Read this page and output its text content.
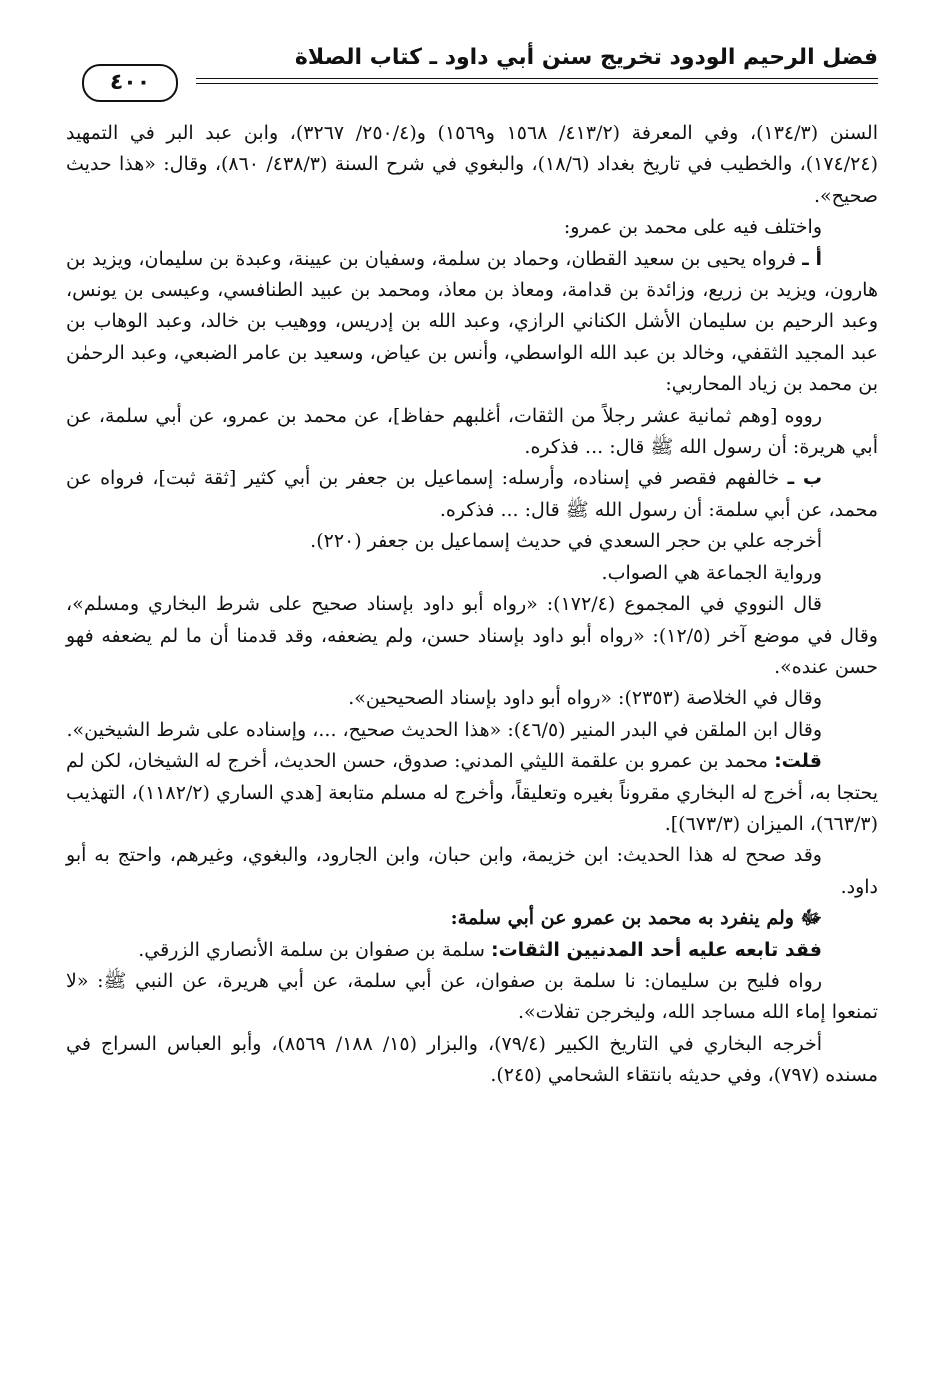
فضل الرحيم الودود تخريج سنن أبي داود ـ كتاب الصلاة
٤٠٠

السنن (١٣٤/٣)، وفي المعرفة (٤١٣/٢/ ١٥٦٨ و١٥٦٩) و(٢٥٠/٤/ ٣٢٦٧)، وابن عبد البر في التمهيد (١٧٤/٢٤)، والخطيب في تاريخ بغداد (١٨/٦)، والبغوي في شرح السنة (٤٣٨/٣/ ٨٦٠)، وقال: «هذا حديث صحيح».

واختلف فيه على محمد بن عمرو:

أ ـ فرواه يحيى بن سعيد القطان، وحماد بن سلمة، وسفيان بن عيينة، وعبدة بن سليمان، ويزيد بن هارون، ويزيد بن زريع، وزائدة بن قدامة، ومعاذ بن معاذ، ومحمد بن عبيد الطنافسي، وعيسى بن يونس، وعبد الرحيم بن سليمان الأشل الكناني الرازي، وعبد الله بن إدريس، ووهيب بن خالد، وعبد الوهاب بن عبد المجيد الثقفي، وخالد بن عبد الله الواسطي، وأنس بن عياض، وسعيد بن عامر الضبعي، وعبد الرحمٰن بن محمد بن زياد المحاربي:

رووه [وهم ثمانية عشر رجلاً من الثقات، أغلبهم حفاظ]، عن محمد بن عمرو، عن أبي سلمة، عن أبي هريرة: أن رسول الله ﷺ قال: ... فذكره.

ب ـ خالفهم فقصر في إسناده، وأرسله: إسماعيل بن جعفر بن أبي كثير [ثقة ثبت]، فرواه عن محمد، عن أبي سلمة: أن رسول الله ﷺ قال: ... فذكره.

أخرجه علي بن حجر السعدي في حديث إسماعيل بن جعفر (٢٢٠).

ورواية الجماعة هي الصواب.

قال النووي في المجموع (١٧٢/٤): «رواه أبو داود بإسناد صحيح على شرط البخاري ومسلم»، وقال في موضع آخر (١٢/٥): «رواه أبو داود بإسناد حسن، ولم يضعفه، وقد قدمنا أن ما لم يضعفه فهو حسن عنده».

وقال في الخلاصة (٢٣٥٣): «رواه أبو داود بإسناد الصحيحين».

وقال ابن الملقن في البدر المنير (٤٦/٥): «هذا الحديث صحيح، ...، وإسناده على شرط الشيخين».

قلت: محمد بن عمرو بن علقمة الليثي المدني: صدوق، حسن الحديث، أخرج له الشيخان، لكن لم يحتجا به، أخرج له البخاري مقروناً بغيره وتعليقاً، وأخرج له مسلم متابعة [هدي الساري (١١٨٢/٢)، التهذيب (٦٦٣/٣)، الميزان (٦٧٣/٣)].

وقد صحح له هذا الحديث: ابن خزيمة، وابن حبان، وابن الجارود، والبغوي، وغيرهم، واحتج به أبو داود.

ﷻ ولم ينفرد به محمد بن عمرو عن أبي سلمة:

فقد تابعه عليه أحد المدنيين الثقات: سلمة بن صفوان بن سلمة الأنصاري الزرقي.

رواه فليح بن سليمان: نا سلمة بن صفوان، عن أبي سلمة، عن أبي هريرة، عن النبي ﷺ: «لا تمنعوا إماء الله مساجد الله، وليخرجن تفلات».

أخرجه البخاري في التاريخ الكبير (٧٩/٤)، والبزار (١٥/ ١٨٨/ ٨٥٦٩)، وأبو العباس السراج في مسنده (٧٩٧)، وفي حديثه بانتقاء الشحامي (٢٤٥).
